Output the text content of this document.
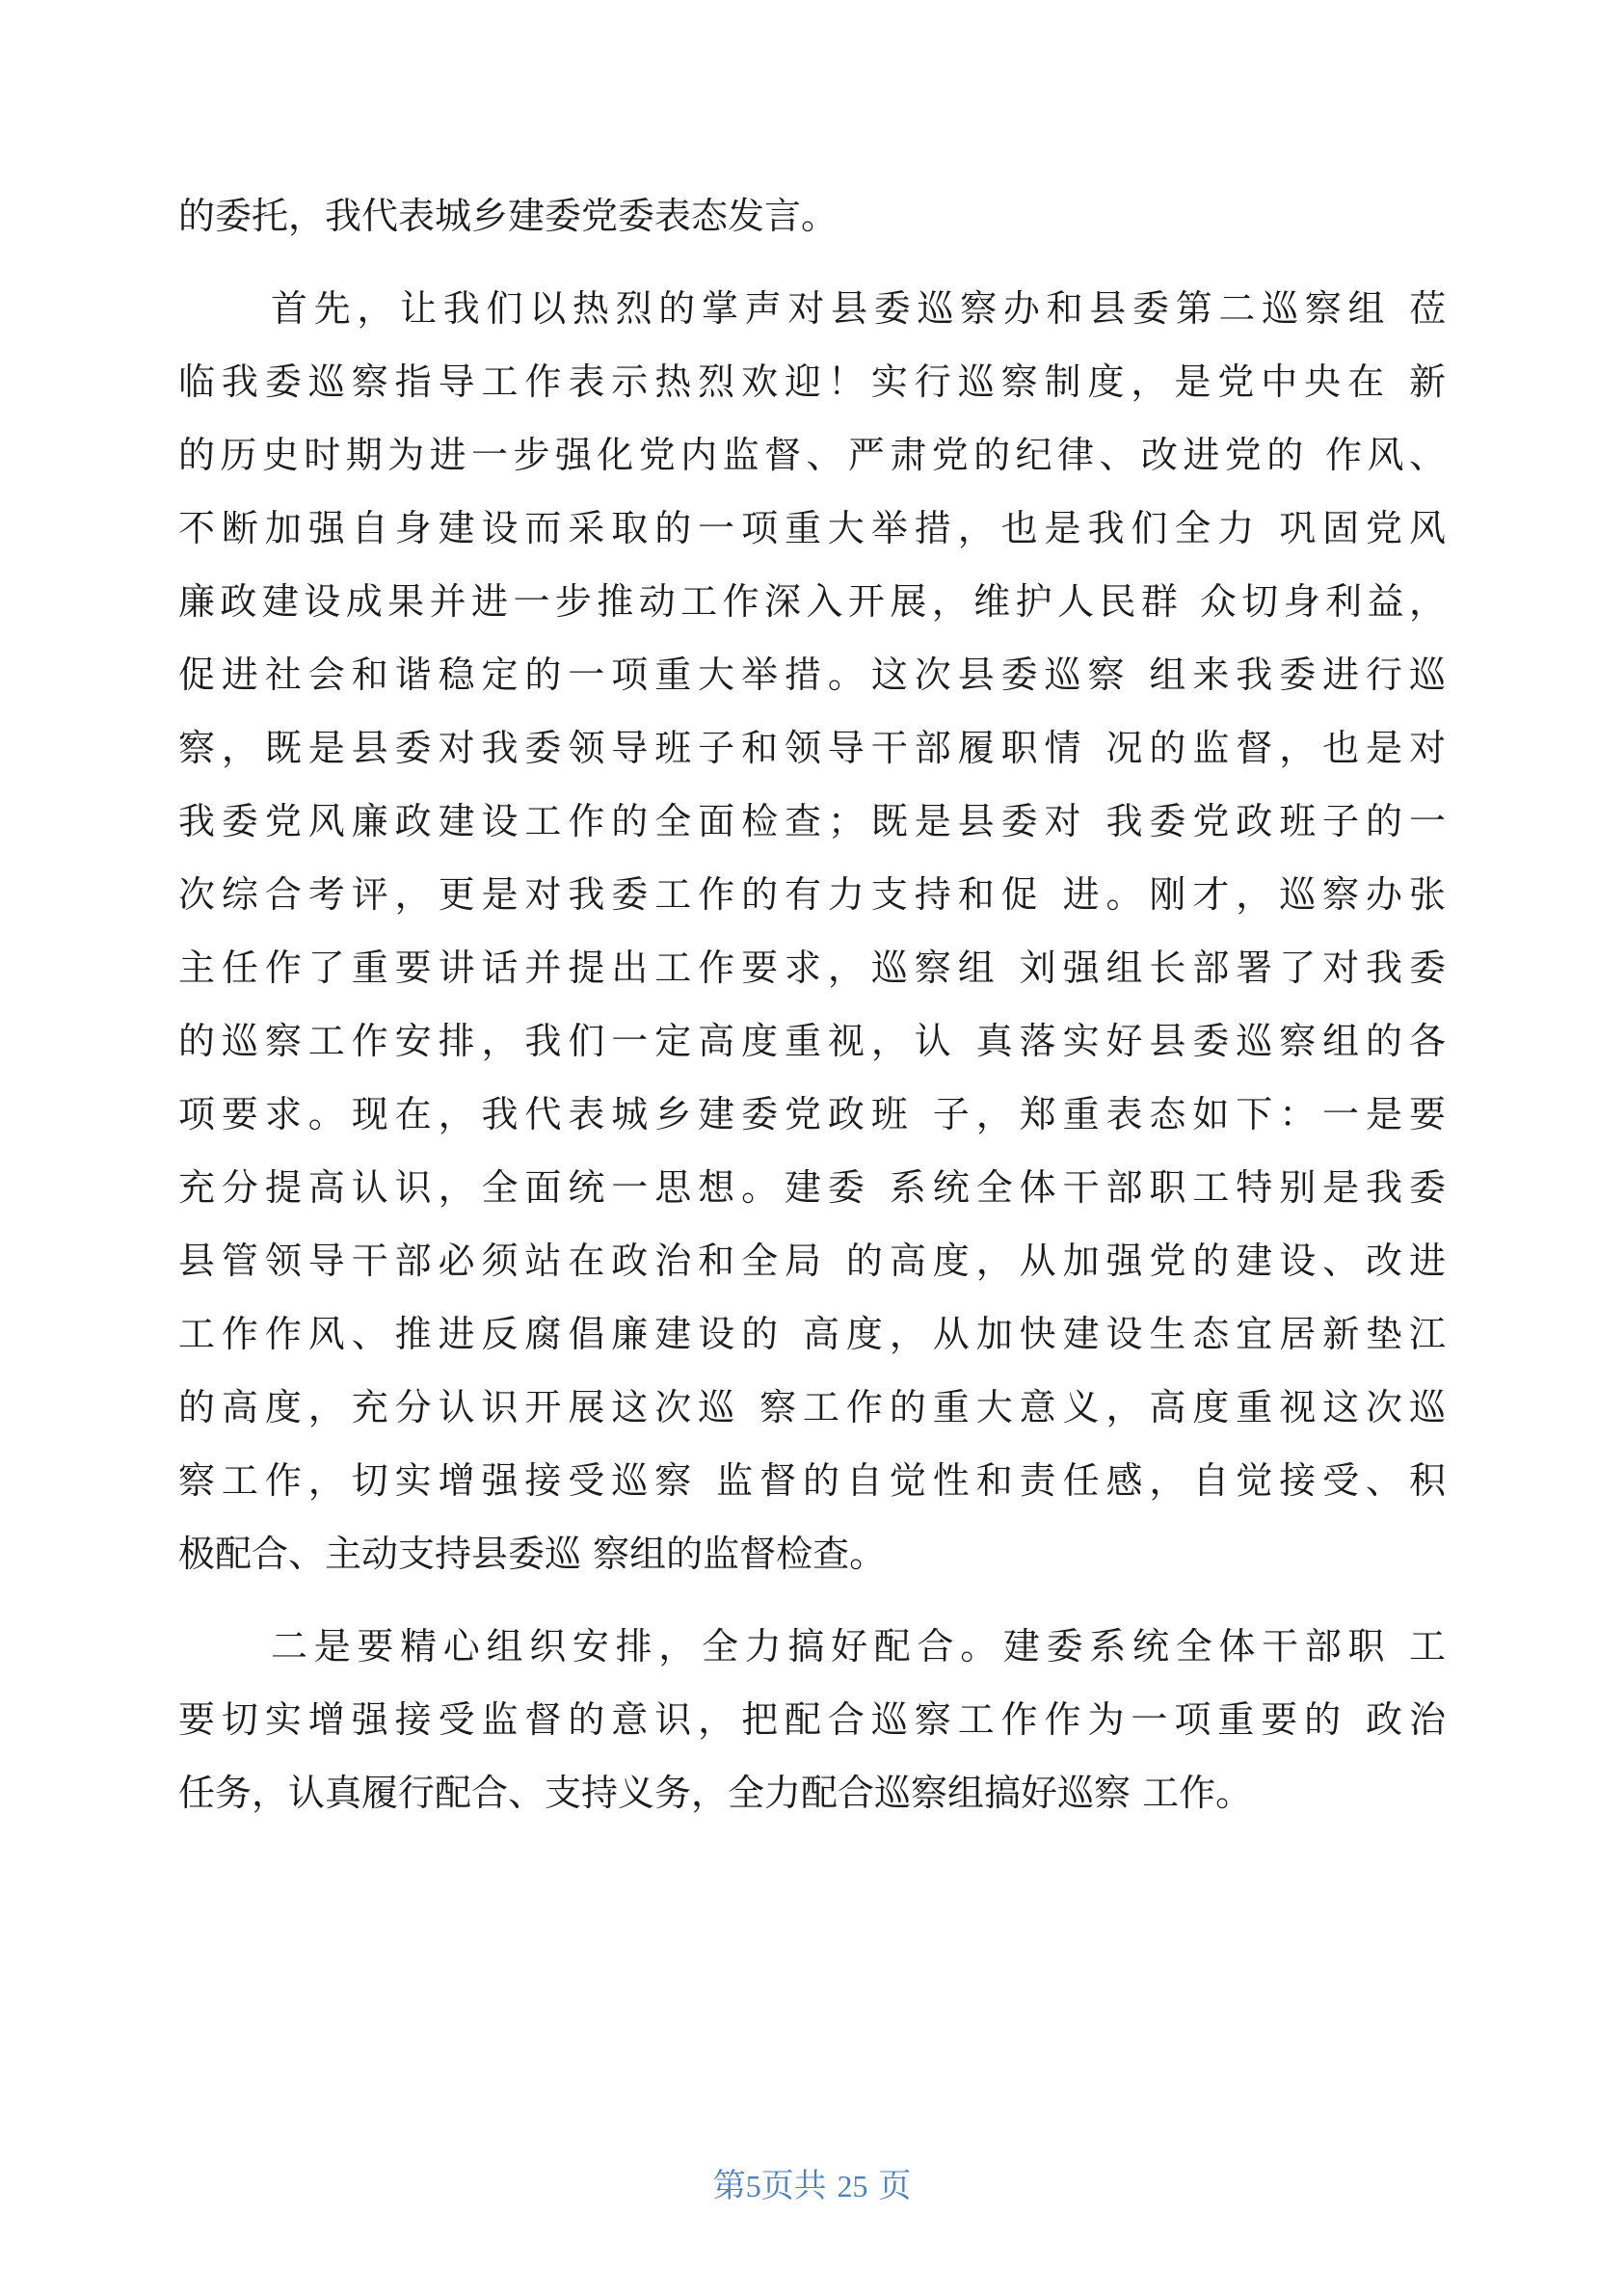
的委托，我代表城乡建委党委表态发言。
首先，让我们以热烈的掌声对县委巡察办和县委第二巡察组 莅
临我委巡察指导工作表示热烈欢迎！实行巡察制度，是党中央在 新
的历史时期为进一步强化党内监督、严肃党的纪律、改进党的 作风、
不断加强自身建设而采取的一项重大举措，也是我们全力 巩固党风
廉政建设成果并进一步推动工作深入开展，维护人民群 众切身利益，
促进社会和谐稳定的一项重大举措。这次县委巡察 组来我委进行巡
察，既是县委对我委领导班子和领导干部履职情 况的监督，也是对
我委党风廉政建设工作的全面检查；既是县委对 我委党政班子的一
次综合考评，更是对我委工作的有力支持和促 进。刚才，巡察办张
主任作了重要讲话并提出工作要求，巡察组 刘强组长部署了对我委
的巡察工作安排，我们一定高度重视，认 真落实好县委巡察组的各
项要求。现在，我代表城乡建委党政班 子，郑重表态如下：一是要
充分提高认识，全面统一思想。建委 系统全体干部职工特别是我委
县管领导干部必须站在政治和全局 的高度，从加强党的建设、改进
工作作风、推进反腐倡廉建设的 高度，从加快建设生态宜居新垫江
的高度，充分认识开展这次巡 察工作的重大意义，高度重视这次巡
察工作，切实增强接受巡察 监督的自觉性和责任感，自觉接受、积
极配合、主动支持县委巡 察组的监督检查。
二是要精心组织安排，全力搞好配合。建委系统全体干部职 工
要切实增强接受监督的意识，把配合巡察工作作为一项重要的 政治
任务，认真履行配合、支持义务，全力配合巡察组搞好巡察 工作。
第5页共 25 页
